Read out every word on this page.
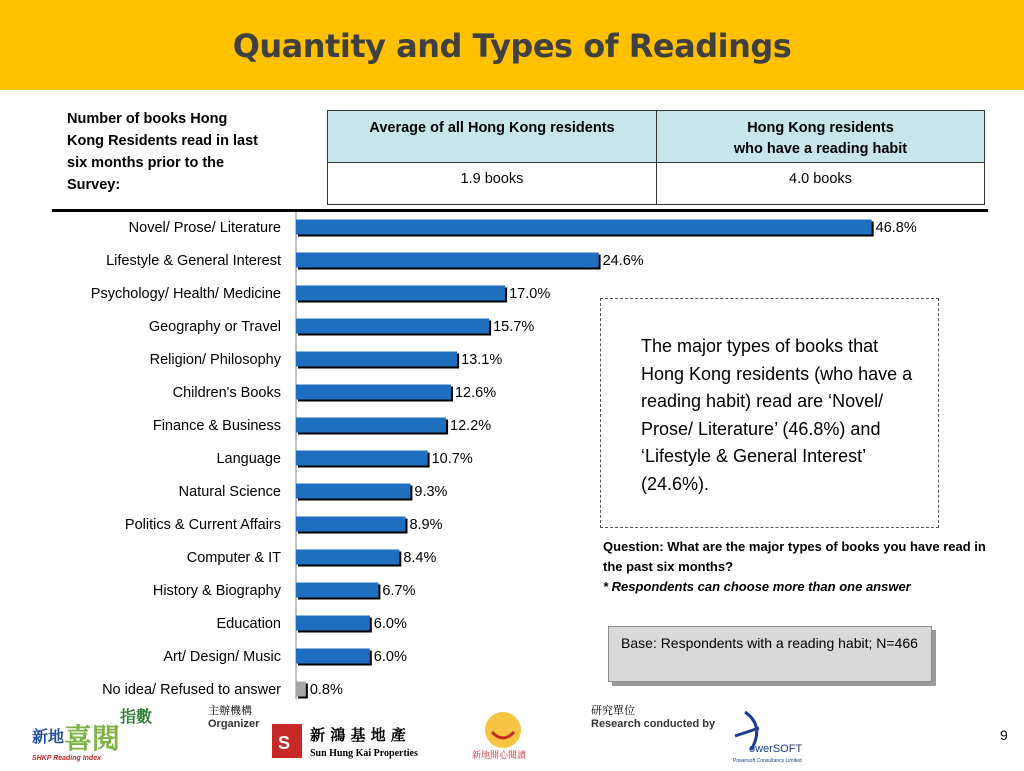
Quantity and Types of Readings
Number of books Hong Kong Residents read in last six months prior to the Survey:
Average of all Hong Kong residents	Hong Kong residents
who have a reading habit
1.9 books	4.0 books
Novel/ Prose/ Literature	46.8%
Lifestyle & General Interest	24.6%
Psychology/ Health/ Medicine	17.0%
Geography or Travel	15.7%
Religion/ Philosophy	13.1%
Children's Books	12.6%
Finance & Business	12.2%
Language	10.7%
Natural Science	9.3%
Politics & Current Affairs	8.9%
Computer & IT	8.4%
History & Biography	6.7%
Education	6.0%
Art/ Design/ Music	6.0%
No idea/ Refused to answer 0.8%
The major types of books that Hong Kong residents (who have a reading habit) read are ‘Novel/ Prose/ Literature’ (46.8%) and ‘Lifestyle & General Interest’ (24.6%).
Question: What are the major types of books you have read in the past six months?
* Respondents can choose more than one answer
Base: Respondents with a reading habit; N=466
新地 喜閱
指數
SHKP Reading Index
主辦機構
Organizer
S 新 鴻 基 地 產
Sun Hung Kai Properties	新地開心閱讀
研究單位
Research conducted by
owerSOFT
Powersoft Consultancy Limited
9
